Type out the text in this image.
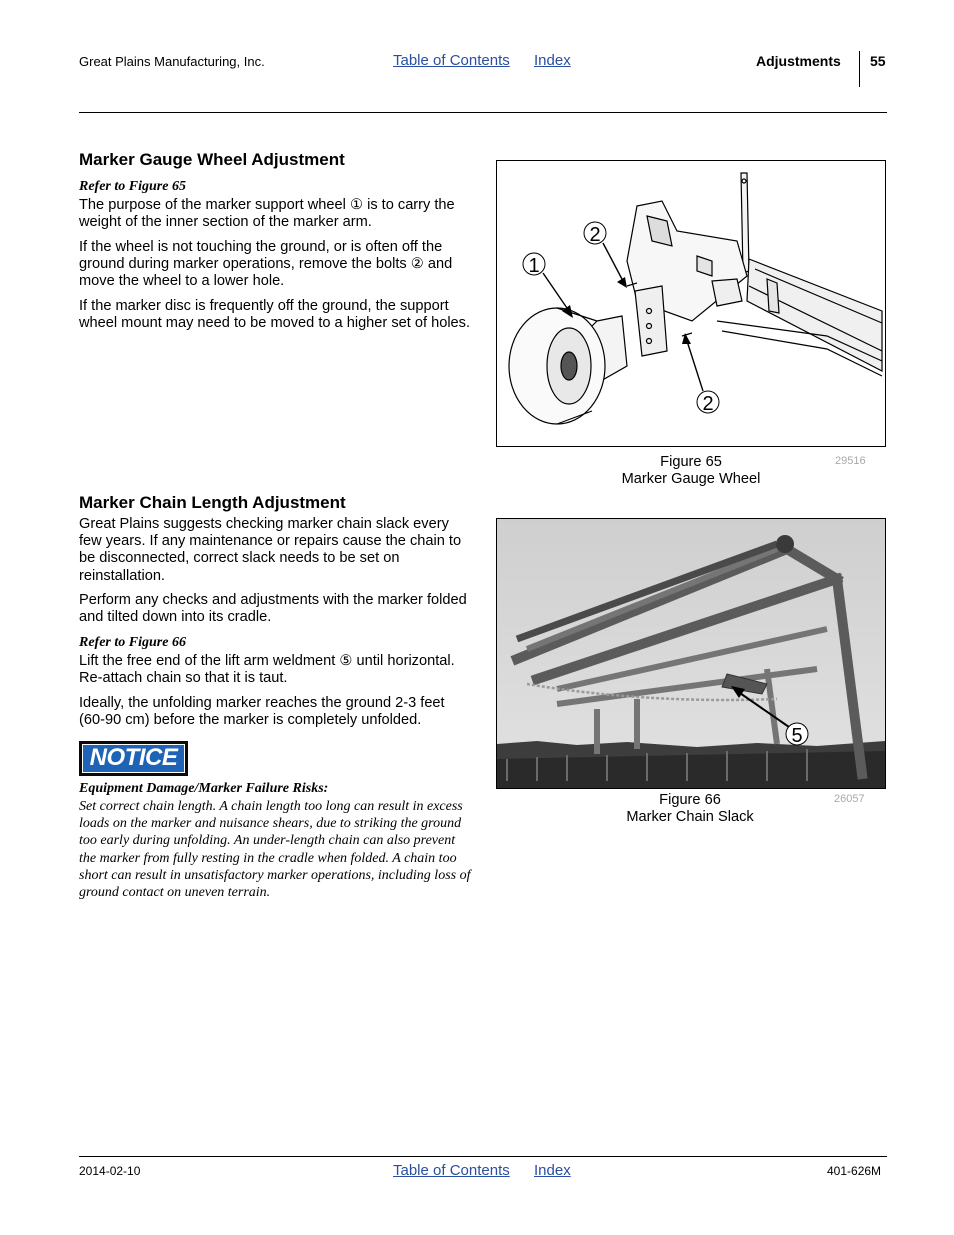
Great Plains Manufacturing, Inc.	Table of Contents Index	Adjustments 55
Marker Gauge Wheel Adjustment
Refer to Figure 65

The purpose of the marker support wheel ① is to carry the weight of the inner section of the marker arm.

If the wheel is not touching the ground, or is often off the ground during marker operations, remove the bolts ② and move the wheel to a lower hole.

If the marker disc is frequently off the ground, the support wheel mount may need to be moved to a higher set of holes.

1
2
2
Figure 65
Marker Gauge Wheel
29516
Marker Chain Length Adjustment

Great Plains suggests checking marker chain slack every few years. If any maintenance or repairs cause the chain to be disconnected, correct slack needs to be set on reinstallation.

Perform any checks and adjustments with the marker folded and tilted down into its cradle.

Refer to Figure 66

Lift the free end of the lift arm weldment ⑤ until horizontal. Re-attach chain so that it is taut.

Ideally, the unfolding marker reaches the ground 2-3 feet (60-90 cm) before the marker is completely unfolded.

NOTICE
Equipment Damage/Marker Failure Risks:
Set correct chain length. A chain length too long can result in excess loads on the marker and nuisance shears, due to striking the ground too early during unfolding. An under-length chain can also prevent the marker from fully resting in the cradle when folded. A chain too short can result in unsatisfactory marker operations, including loss of ground contact on uneven terrain.
5
Figure 66
Marker Chain Slack
26057
2014-02-10	Table of Contents Index	401-626M
